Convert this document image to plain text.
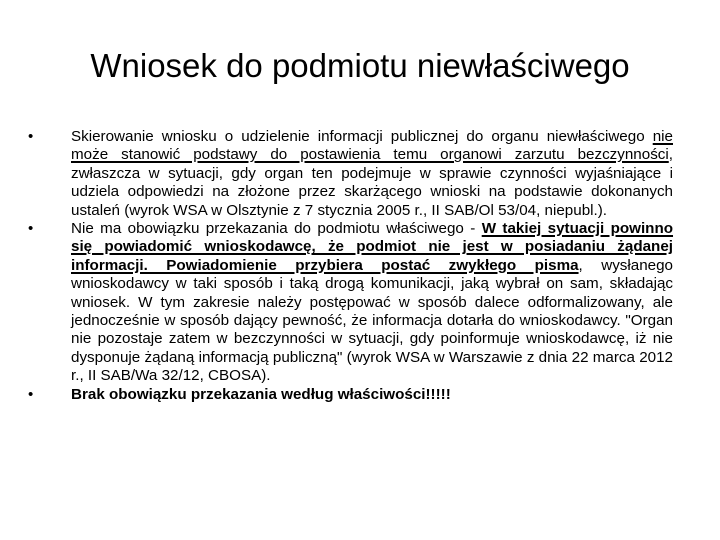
Wniosek do podmiotu niewłaściwego
•	Skierowanie wniosku o udzielenie informacji publicznej do organu niewłaściwego nie może stanowić podstawy do postawienia temu organowi zarzutu bezczynności, zwłaszcza w sytuacji, gdy organ ten podejmuje w sprawie czynności wyjaśniające i udziela odpowiedzi na złożone przez skarżącego wnioski na podstawie dokonanych ustaleń (wyrok WSA w Olsztynie z 7 stycznia 2005 r., II SAB/Ol 53/04, niepubl.).
•	Nie ma obowiązku przekazania do podmiotu właściwego - W takiej sytuacji powinno się powiadomić wnioskodawcę, że podmiot nie jest w posiadaniu żądanej informacji. Powiadomienie przybiera postać zwykłego pisma, wysłanego wnioskodawcy w taki sposób i taką drogą komunikacji, jaką wybrał on sam, składając wniosek. W tym zakresie należy postępować w sposób dalece odformalizowany, ale jednocześnie w sposób dający pewność, że informacja dotarła do wnioskodawcy. "Organ nie pozostaje zatem w bezczynności w sytuacji, gdy poinformuje wnioskodawcę, iż nie dysponuje żądaną informacją publiczną" (wyrok WSA w Warszawie z dnia 22 marca 2012 r., II SAB/Wa 32/12, CBOSA).
•	Brak obowiązku przekazania według właściwości!!!!!
